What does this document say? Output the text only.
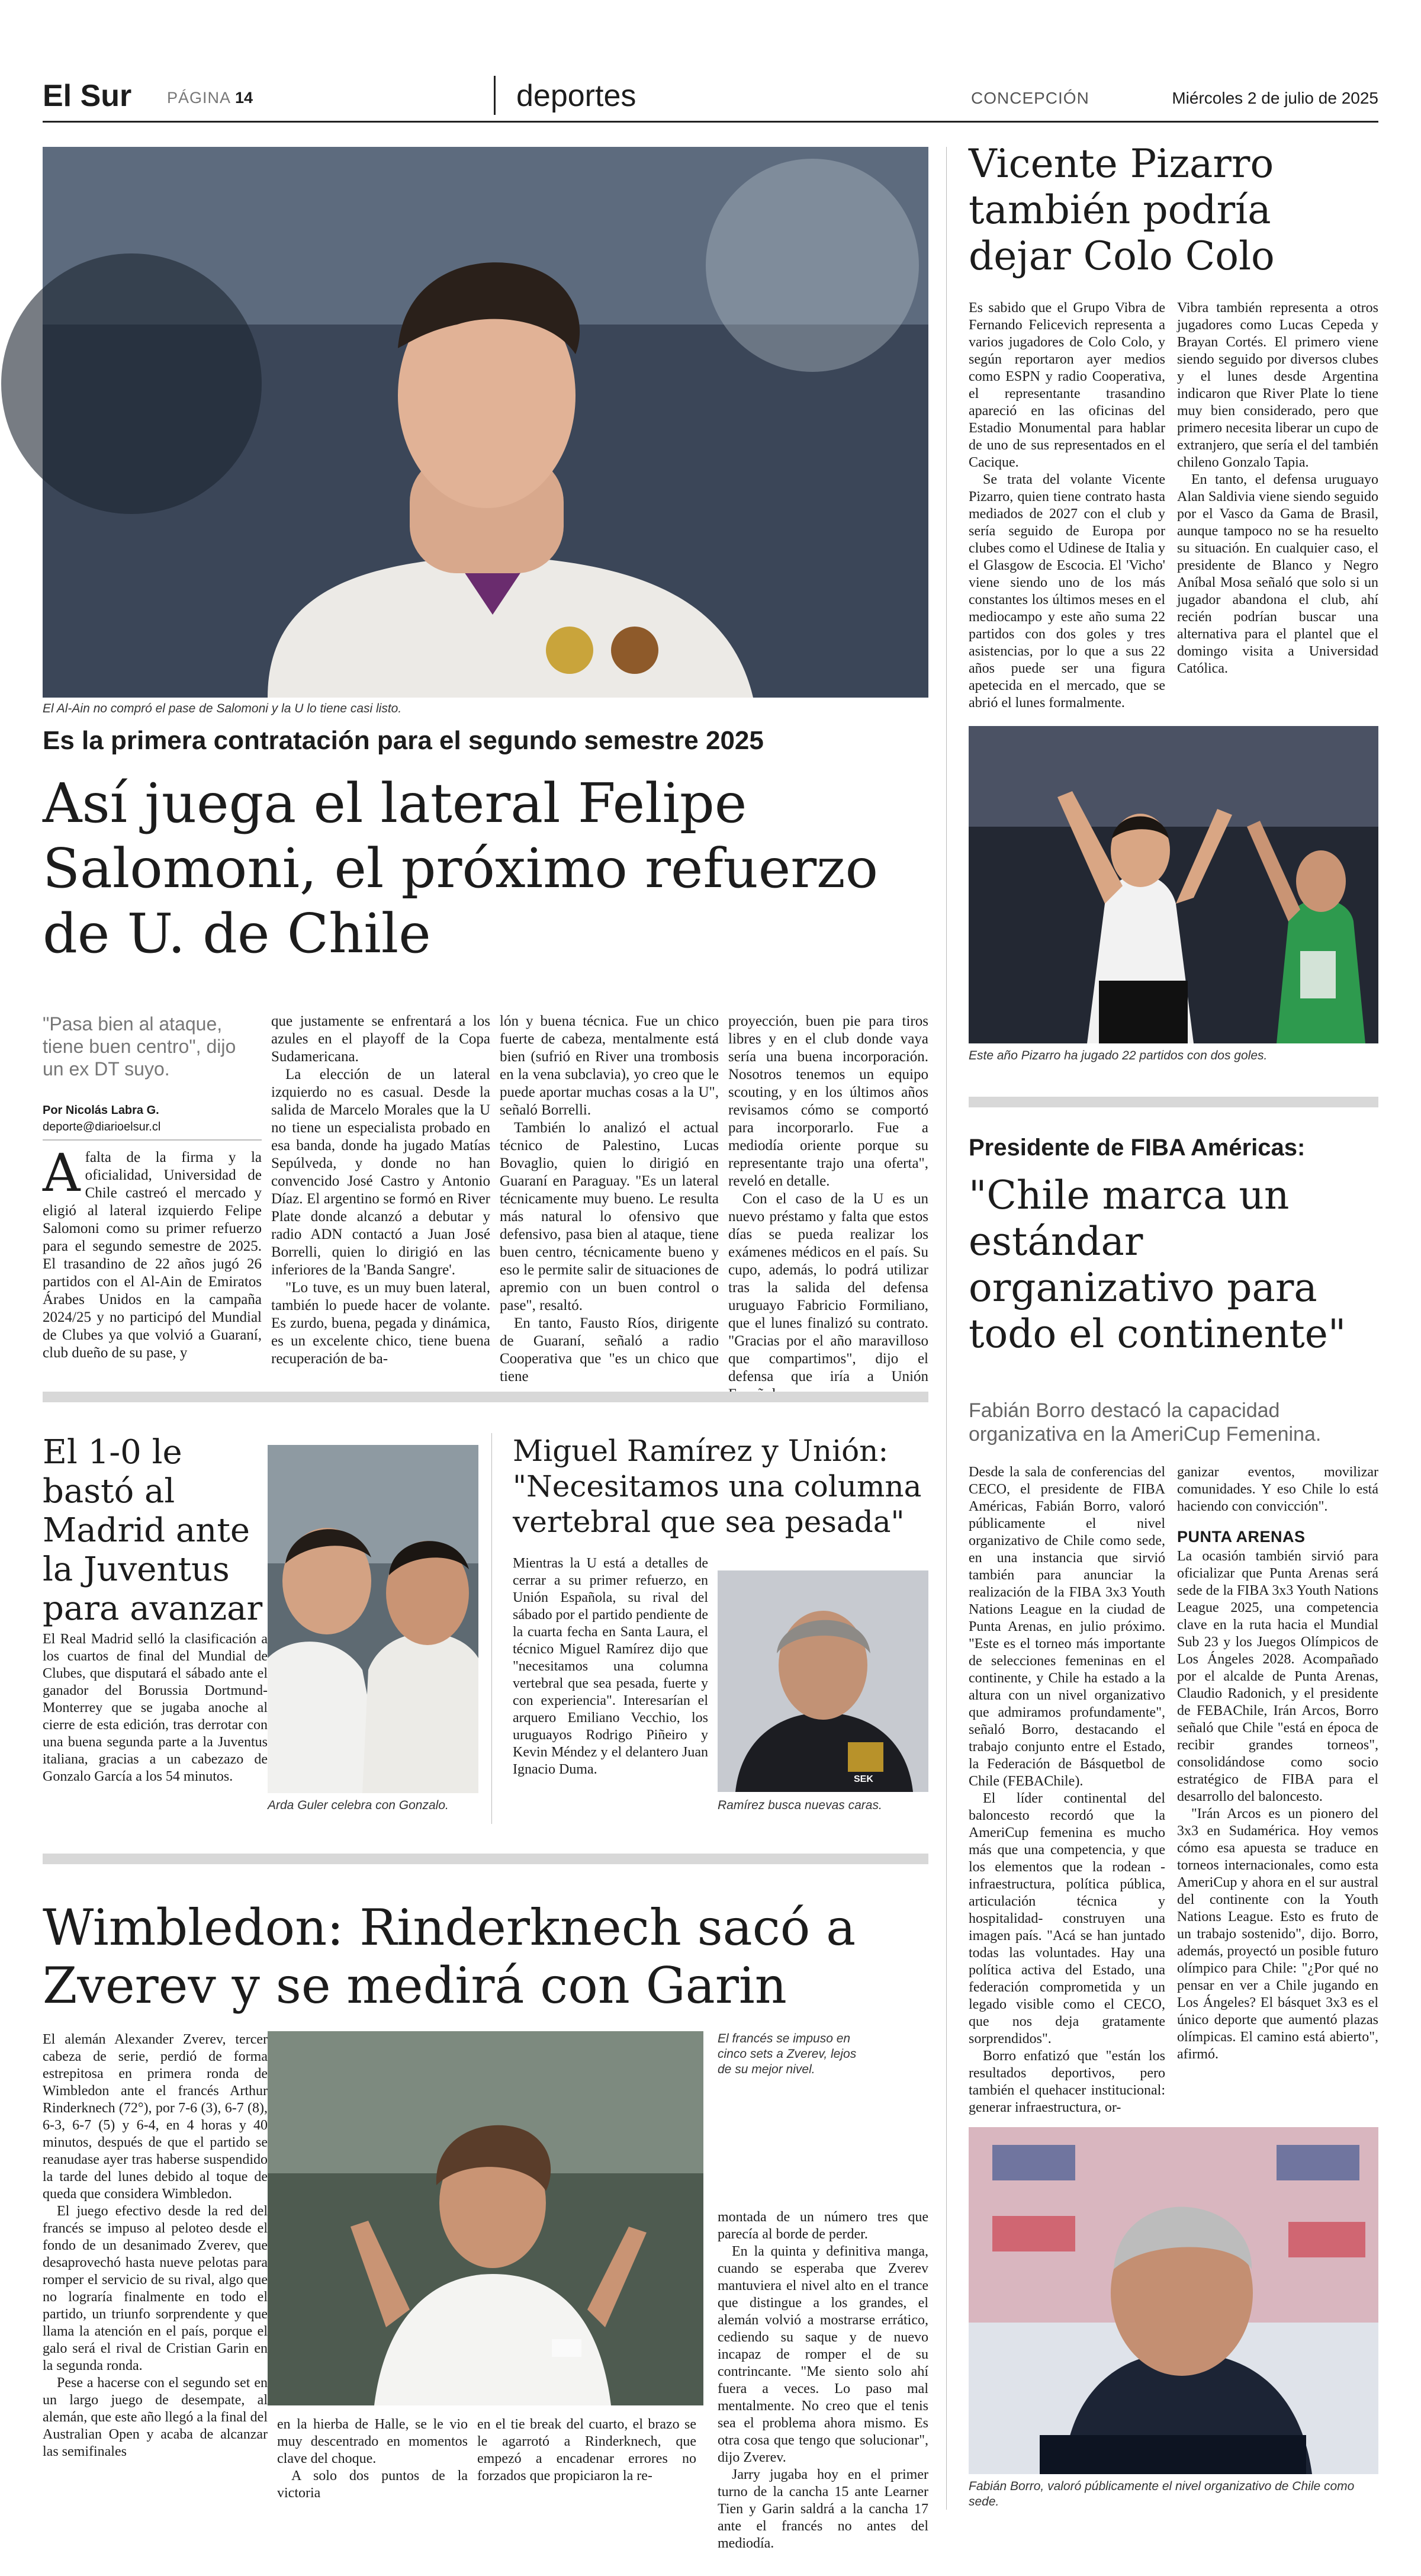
El Sur PÁGINA 14	deportes	CONCEPCIÓN	Miércoles 2 de julio de 2025
El Al-Ain no compró el pase de Salomoni y la U lo tiene casi listo.
Es la primera contratación para el segundo semestre 2025
Así juega el lateral Felipe Salomoni, el próximo refuerzo de U. de Chile
"Pasa bien al ataque, tiene buen centro", dijo un ex DT suyo.
Por Nicolás Labra G.
deporte@diarioelsur.cl
A falta de la firma y la oficialidad, Universidad de Chile castreó el mercado y eligió al lateral izquierdo Felipe Salomoni como su primer refuerzo para el segundo semestre de 2025. El trasandino de 22 años jugó 26 partidos con el Al-Ain de Emiratos Árabes Unidos en la campaña 2024/25 y no participó del Mundial de Clubes ya que volvió a Guaraní, club dueño de su pase, y

que justamente se enfrentará a los azules en el playoff de la Copa Sudamericana.

La elección de un lateral izquierdo no es casual. Desde la salida de Marcelo Morales que la U no tiene un especialista probado en esa banda, donde ha jugado Matías Sepúlveda, y donde no han convencido José Castro y Antonio Díaz. El argentino se formó en River Plate donde alcanzó a debutar y radio ADN contactó a Juan José Borrelli, quien lo dirigió en las inferiores de la 'Banda Sangre'.

"Lo tuve, es un muy buen lateral, también lo puede hacer de volante. Es zurdo, buena, pegada y dinámica, es un excelente chico, tiene buena recuperación de ba-

lón y buena técnica. Fue un chico fuerte de cabeza, mentalmente está bien (sufrió en River una trombosis en la vena subclavia), yo creo que le puede aportar muchas cosas a la U", señaló Borrelli.

También lo analizó el actual técnico de Palestino, Lucas Bovaglio, quien lo dirigió en Guaraní en Paraguay. "Es un lateral técnicamente muy bueno. Le resulta más natural lo ofensivo que defensivo, pasa bien al ataque, tiene buen centro, técnicamente bueno y eso le permite salir de situaciones de apremio con un buen control o pase", resaltó.

En tanto, Fausto Ríos, dirigente de Guaraní, señaló a radio Cooperativa que "es un chico que tiene

proyección, buen pie para tiros libres y en el club donde vaya sería una buena incorporación. Nosotros tenemos un equipo scouting, y en los últimos años revisamos cómo se comportó para incorporarlo. Fue a mediodía oriente porque su representante trajo una oferta", reveló en detalle.

Con el caso de la U es un nuevo préstamo y falta que estos días se pueda realizar los exámenes médicos en el país. Su cupo, además, lo podrá utilizar tras la salida del defensa uruguayo Fabricio Formiliano, que el lunes finalizó su contrato. "Gracias por el año maravilloso que compartimos", dijo el defensa que iría a Unión

Vicente Pizarro también podría dejar Colo Colo

Es sabido que el Grupo Vibra de Fernando Felicevich representa a varios jugadores de Colo Colo, y según reportaron ayer medios como ESPN y radio Cooperativa, el representante trasandino apareció en las oficinas del Estadio Monumental para hablar de uno de sus representados en el Cacique.

Se trata del volante Vicente Pizarro, quien tiene contrato hasta mediados de 2027 con el club y sería seguido de Europa por clubes como el Udinese de Italia y el Glasgow de Escocia. El 'Vicho' viene siendo uno de los más constantes los últimos meses en el mediocampo y este año suma 22 partidos con dos goles y tres asistencias, por lo que a sus 22 años puede ser una figura apetecida en el mercado, que se abrió el lunes formalmente.

Vibra también representa a otros jugadores como Lucas Cepeda y Brayan Cortés. El primero viene siendo seguido por diversos clubes y el lunes desde Argentina indicaron que River Plate lo tiene muy bien considerado, pero que primero necesita liberar un cupo de extranjero, que sería el del también chileno Gonzalo Tapia.

En tanto, el defensa uruguayo Alan Saldivia viene siendo seguido por el Vasco da Gama de Brasil, aunque tampoco no se ha resuelto su situación. En cualquier caso, el presidente de Blanco y Negro Aníbal Mosa señaló que solo si un jugador abandona el club, ahí recién podrían buscar una alternativa para el plantel que el domingo visita a Universidad Católica.

Este año Pizarro ha jugado 22 partidos con dos goles.
Presidente de FIBA Américas:
"Chile marca un estándar organizativo para todo el continente"
Fabián Borro destacó la capacidad organizativa en la AmeriCup Femenina.

Desde la sala de conferencias del CECO, el presidente de FIBA Américas, Fabián Borro, valoró públicamente el nivel organizativo de Chile como sede, en una instancia que sirvió también para anunciar la realización de la FIBA 3x3 Youth Nations League en la ciudad de Punta Arenas, en julio próximo. "Este es el torneo más importante de selecciones femeninas en el continente, y Chile ha estado a la altura con un nivel organizativo que admiramos profundamente", señaló Borro, destacando el trabajo conjunto entre el Estado, la Federación de Básquetbol de Chile (FEBAChile).

El líder continental del baloncesto recordó que la AmeriCup femenina es mucho más que una competencia, y que los elementos que la rodean -infraestructura, política pública, articulación técnica y hospitalidad- construyen una imagen país. "Acá se han juntado todas las voluntades. Hay una política activa del Estado, una federación comprometida y un legado visible como el CECO, que nos deja gratamente sorprendidos".

Borro enfatizó que "están los resultados deportivos, pero también el quehacer institucional: generar infraestructura, or-

ganizar eventos, movilizar comunidades. Y eso Chile lo está haciendo con convicción".
PUNTA ARENAS

La ocasión también sirvió para oficializar que Punta Arenas será sede de la FIBA 3x3 Youth Nations League 2025, una competencia clave en la ruta hacia el Mundial Sub 23 y los Juegos Olímpicos de Los Ángeles 2028. Acompañado por el alcalde de Punta Arenas, Claudio Radonich, y el presidente de FEBAChile, Irán Arcos, Borro señaló que Chile "está en época de recibir grandes torneos", consolidándose como socio estratégico de FIBA para el desarrollo del baloncesto.

"Irán Arcos es un pionero del 3x3 en Sudamérica. Hoy vemos cómo esa apuesta se traduce en torneos internacionales, como esta AmeriCup y ahora en el sur austral del continente con la Youth Nations League. Esto es fruto de un trabajo sostenido", dijo. Borro, además, proyectó un posible futuro olímpico para Chile: "¿Por qué no pensar en ver a Chile jugando en Los Ángeles? El básquet 3x3 es el único deporte que aumentó plazas olímpicas. El camino está abierto", afirmó.

Fabián Borro, valoró públicamente el nivel organizativo de Chile como sede.
El 1-0 le bastó al Madrid ante la Juventus para avanzar
El Real Madrid selló la clasificación a los cuartos de final del Mundial de Clubes, que disputará el sábado ante el ganador del Borussia Dortmund-Monterrey que se jugaba anoche al cierre de esta edición, tras derrotar con una buena segunda parte a la Juventus italiana, gracias a un cabezazo de Gonzalo García a los 54 minutos.
Arda Guler celebra con Gonzalo.
Miguel Ramírez y Unión: "Necesitamos una columna vertebral que sea pesada"
Mientras la U está a detalles de cerrar a su primer refuerzo, en Unión Española, su rival del sábado por el partido pendiente de la cuarta fecha en Santa Laura, el técnico Miguel Ramírez dijo que "necesitamos una columna vertebral que sea pesada, fuerte y con experiencia". Interesarían el arquero Emiliano Vecchio, los uruguayos Rodrigo Piñeiro y Kevin Méndez y el delantero Juan Ignacio Duma.
SEK
Ramírez busca nuevas caras.
Wimbledon: Rinderknech sacó a Zverev y se medirá con Garin

El alemán Alexander Zverev, tercer cabeza de serie, perdió de forma estrepitosa en primera ronda de Wimbledon ante el francés Arthur Rinderknech (72°), por 7-6 (3), 6-7 (8), 6-3, 6-7 (5) y 6-4, en 4 horas y 40 minutos, después de que el partido se reanudase ayer tras haberse suspendido la tarde del lunes debido al toque de queda que considera Wimbledon.

El juego efectivo desde la red del francés se impuso al peloteo desde el fondo de un desanimado Zverev, que desaprovechó hasta nueve pelotas para romper el servicio de su rival, algo que no lograría finalmente en todo el partido, un triunfo sorprendente y que llama la atención en el país, porque el galo será el rival de Cristian Garin en la segunda ronda.

Pese a hacerse con el segundo set en un largo juego de desempate, al alemán, que este año llegó a la final del Australian Open y acaba de alcanzar las semifinales

El francés se impuso en cinco sets a Zverev, lejos de su mejor nivel.

en la hierba de Halle, se le vio muy descentrado en momentos clave del choque.

A solo dos puntos de la victoria

en el tie break del cuarto, el brazo se le agarrotó a Rinderknech, que empezó a encadenar errores no forzados que propiciaron la re-

montada de un número tres que parecía al borde de perder.

En la quinta y definitiva manga, cuando se esperaba que Zverev mantuviera el nivel alto en el trance que distingue a los grandes, el alemán volvió a mostrarse errático, cediendo su saque y de nuevo incapaz de romper el de su contrincante. "Me siento solo ahí fuera a veces. Lo paso mal mentalmente. No creo que el tenis sea el problema ahora mismo. Es otra cosa que tengo que solucionar", dijo Zverev.

Jarry jugaba hoy en el primer turno de la cancha 15 ante Learner Tien y Garin saldrá a la cancha 17 ante el francés no antes del mediodía.
